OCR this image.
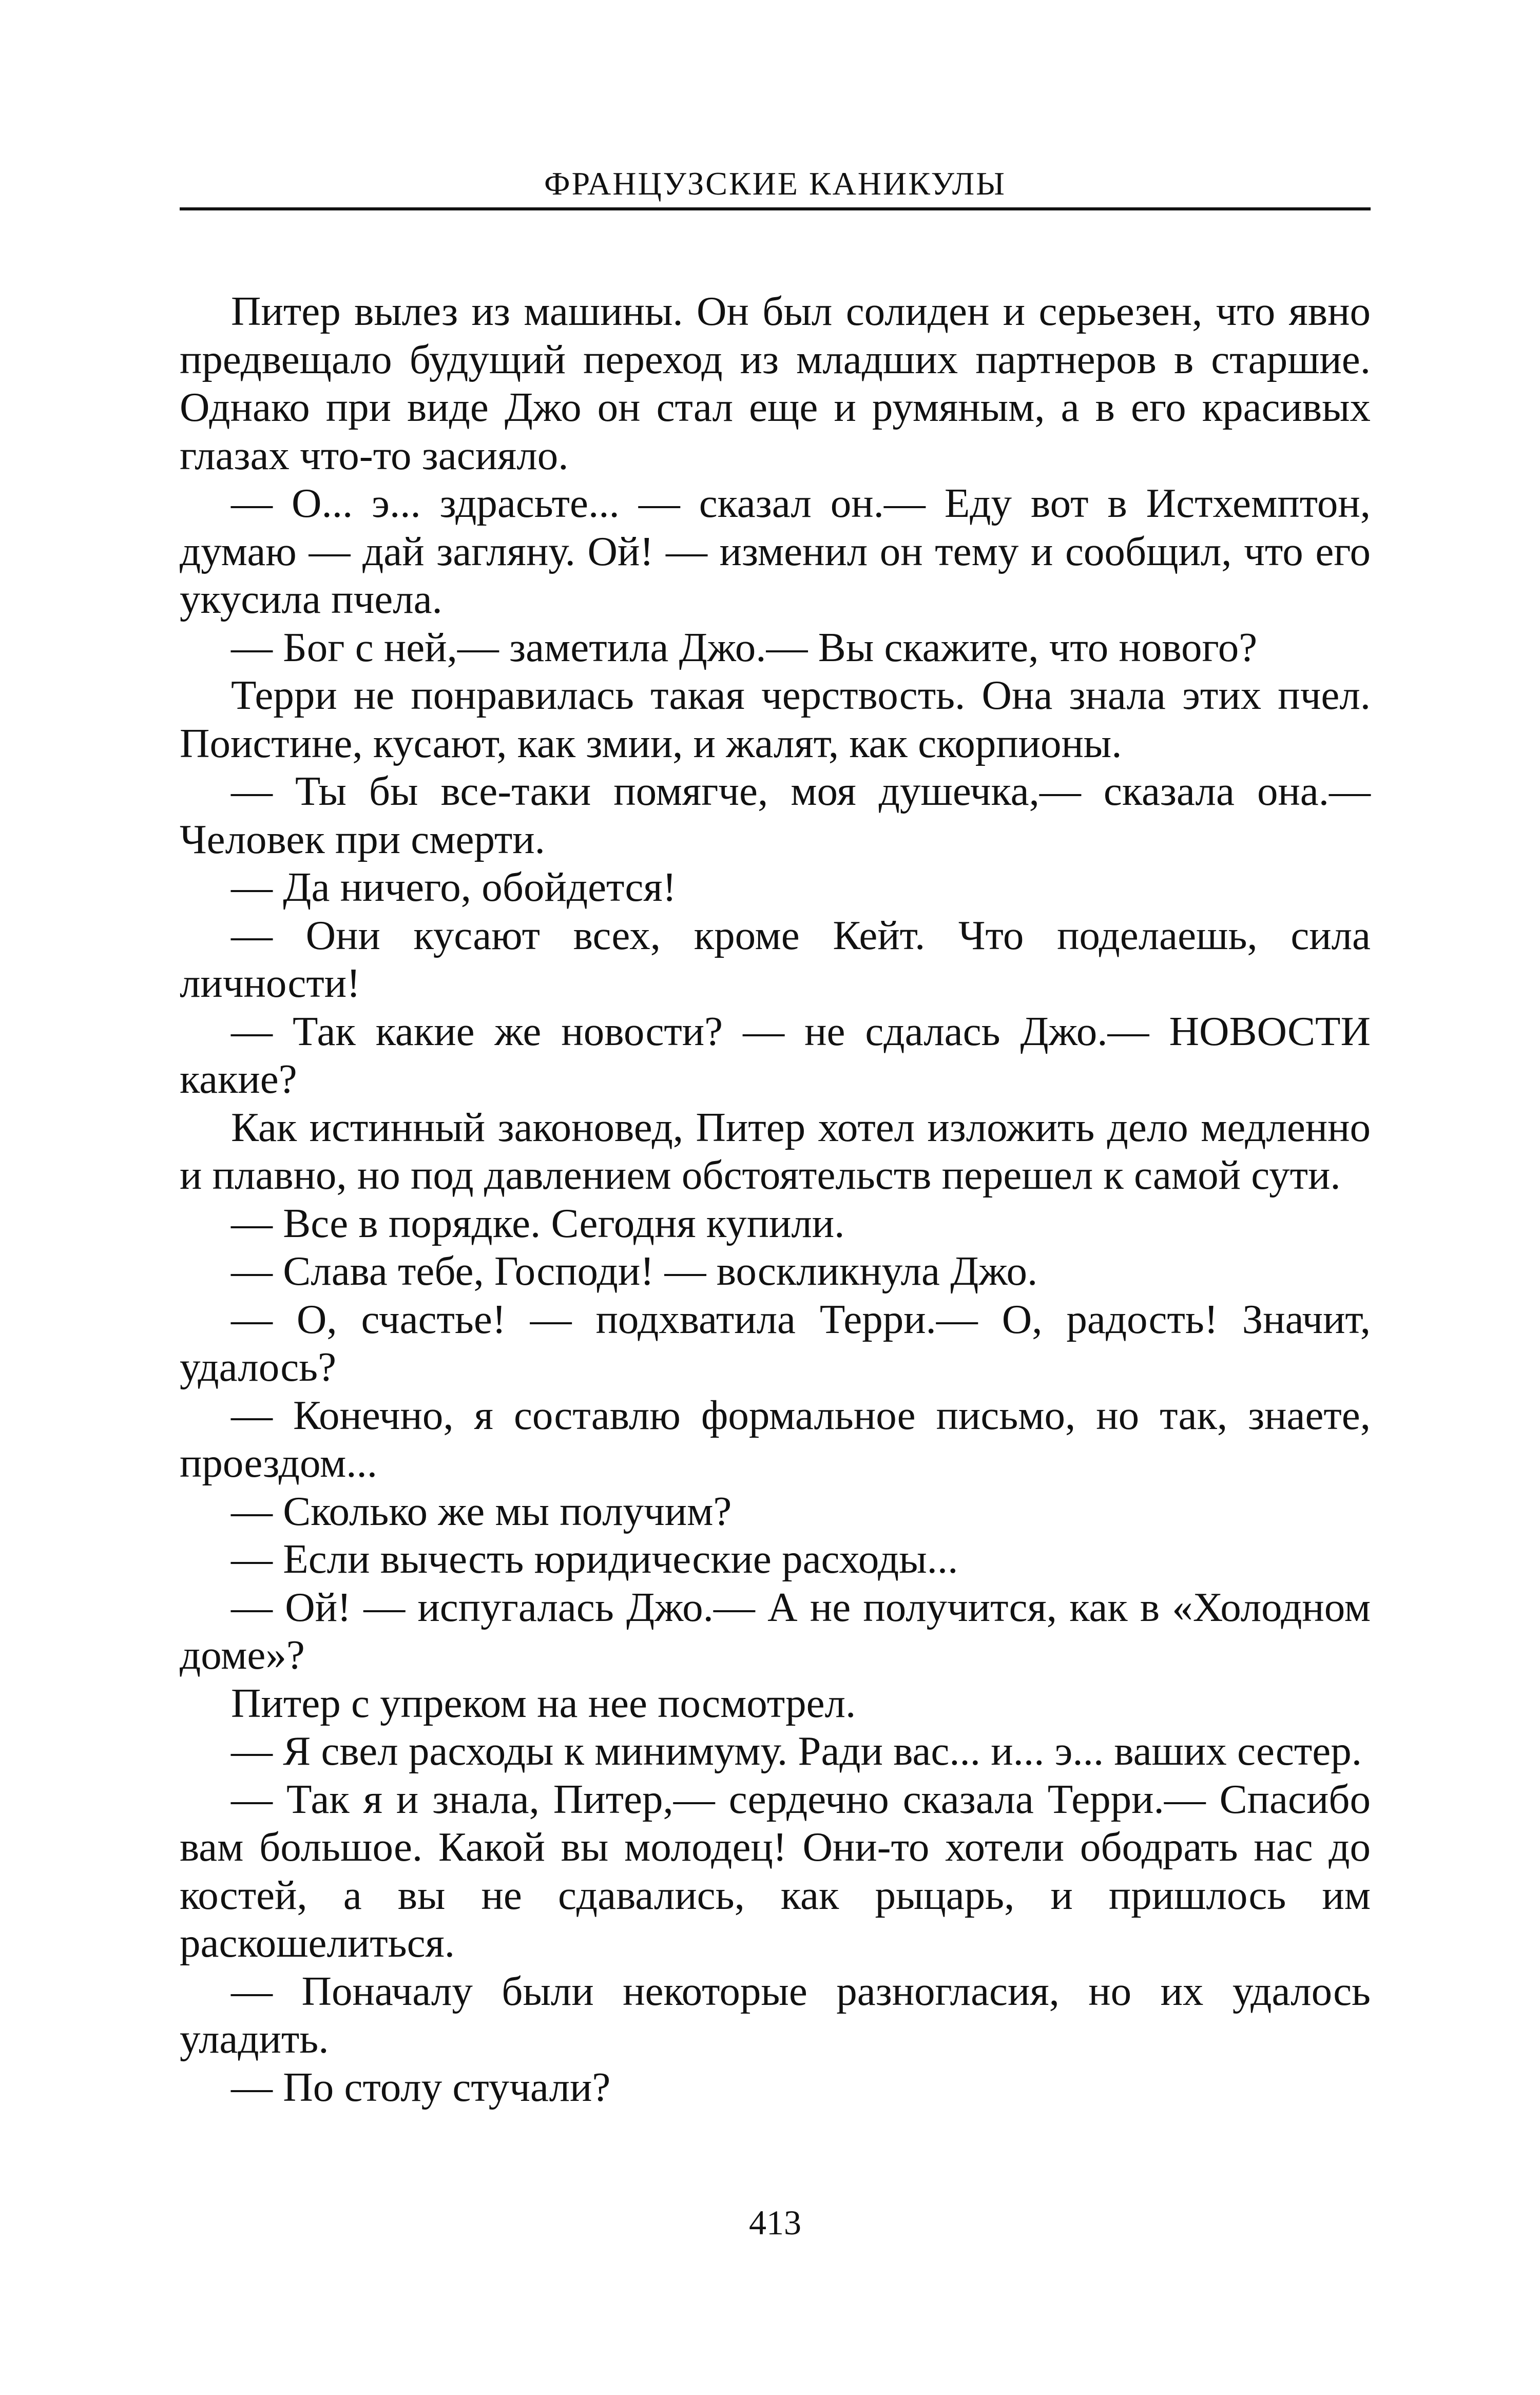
ФРАНЦУЗСКИЕ КАНИКУЛЫ

Питер вылез из машины. Он был солиден и серьезен, что явно предвещало будущий переход из младших партнеров в старшие. Однако при виде Джо он стал еще и румяным, а в его красивых глазах что-то засияло.

— О... э... здрасьте... — сказал он.— Еду вот в Истхемптон, думаю — дай загляну. Ой! — изменил он тему и сообщил, что его укусила пчела.

— Бог с ней,— заметила Джо.— Вы скажите, что нового?

Терри не понравилась такая черствость. Она знала этих пчел. Поистине, кусают, как змии, и жалят, как скорпионы.

— Ты бы все-таки помягче, моя душечка,— сказала она.— Человек при смерти.

— Да ничего, обойдется!

— Они кусают всех, кроме Кейт. Что поделаешь, сила личности!

— Так какие же новости? — не сдалась Джо.— НОВОСТИ какие?

Как истинный законовед, Питер хотел изложить дело медленно и плавно, но под давлением обстоятельств перешел к самой сути.

— Все в порядке. Сегодня купили.

— Слава тебе, Господи! — воскликнула Джо.

— О, счастье! — подхватила Терри.— О, радость! Значит, удалось?

— Конечно, я составлю формальное письмо, но так, знаете, проездом...

— Сколько же мы получим?

— Если вычесть юридические расходы...

— Ой! — испугалась Джо.— А не получится, как в «Холодном доме»?

Питер с упреком на нее посмотрел.

— Я свел расходы к минимуму. Ради вас... и... э... ваших сестер.

— Так я и знала, Питер,— сердечно сказала Терри.— Спасибо вам большое. Какой вы молодец! Они-то хотели ободрать нас до костей, а вы не сдавались, как рыцарь, и пришлось им раскошелиться.

— Поначалу были некоторые разногласия, но их удалось уладить.

— По столу стучали?

413
